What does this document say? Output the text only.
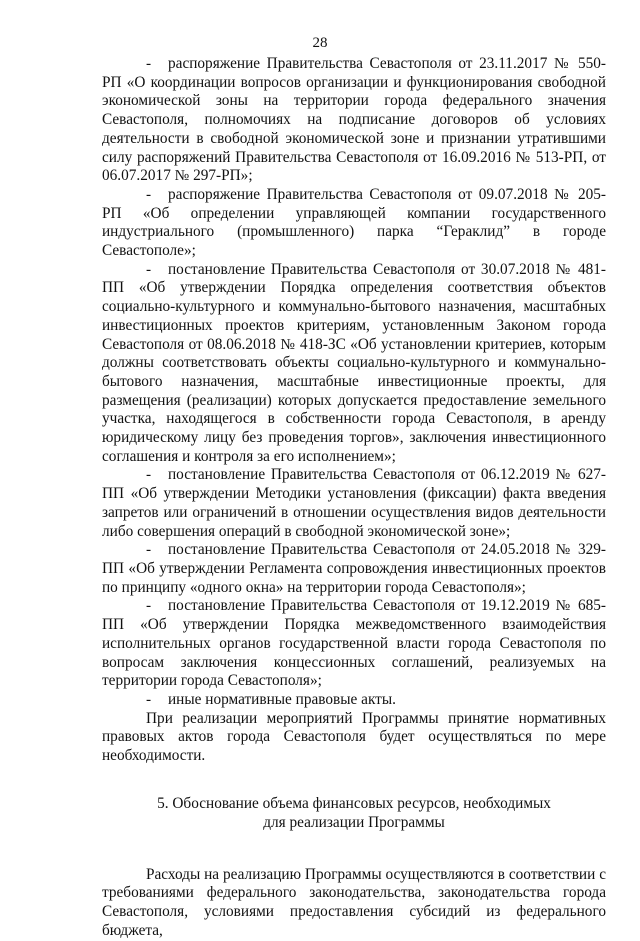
28

- распоряжение Правительства Севастополя от 23.11.2017 № 550-РП «О координации вопросов организации и функционирования свободной экономической зоны на территории города федерального значения Севастополя, полномочиях на подписание договоров об условиях деятельности в свободной экономической зоне и признании утратившими силу распоряжений Правительства Севастополя от 16.09.2016 № 513-РП, от 06.07.2017 № 297-РП»;

- распоряжение Правительства Севастополя от 09.07.2018 № 205-РП «Об определении управляющей компании государственного индустриального (промышленного) парка “Гераклид” в городе Севастополе»;

- постановление Правительства Севастополя от 30.07.2018 № 481-ПП «Об утверждении Порядка определения соответствия объектов социально-культурного и коммунально-бытового назначения, масштабных инвестиционных проектов критериям, установленным Законом города Севастополя от 08.06.2018 № 418-ЗС «Об установлении критериев, которым должны соответствовать объекты социально-культурного и коммунально-бытового назначения, масштабные инвестиционные проекты, для размещения (реализации) которых допускается предоставление земельного участка, находящегося в собственности города Севастополя, в аренду юридическому лицу без проведения торгов», заключения инвестиционного соглашения и контроля за его исполнением»;

- постановление Правительства Севастополя от 06.12.2019 № 627-ПП «Об утверждении Методики установления (фиксации) факта введения запретов или ограничений в отношении осуществления видов деятельности либо совершения операций в свободной экономической зоне»;

- постановление Правительства Севастополя от 24.05.2018 № 329-ПП «Об утверждении Регламента сопровождения инвестиционных проектов по принципу «одного окна» на территории города Севастополя»;

- постановление Правительства Севастополя от 19.12.2019 № 685-ПП «Об утверждении Порядка межведомственного взаимодействия исполнительных органов государственной власти города Севастополя по вопросам заключения концессионных соглашений, реализуемых на территории города Севастополя»;

- иные нормативные правовые акты.

При реализации мероприятий Программы принятие нормативных правовых актов города Севастополя будет осуществляться по мере необходимости.

5. Обоснование объема финансовых ресурсов, необходимых
для реализации Программы

Расходы на реализацию Программы осуществляются в соответствии с требованиями федерального законодательства, законодательства города Севастополя, условиями предоставления субсидий из федерального бюджета,
